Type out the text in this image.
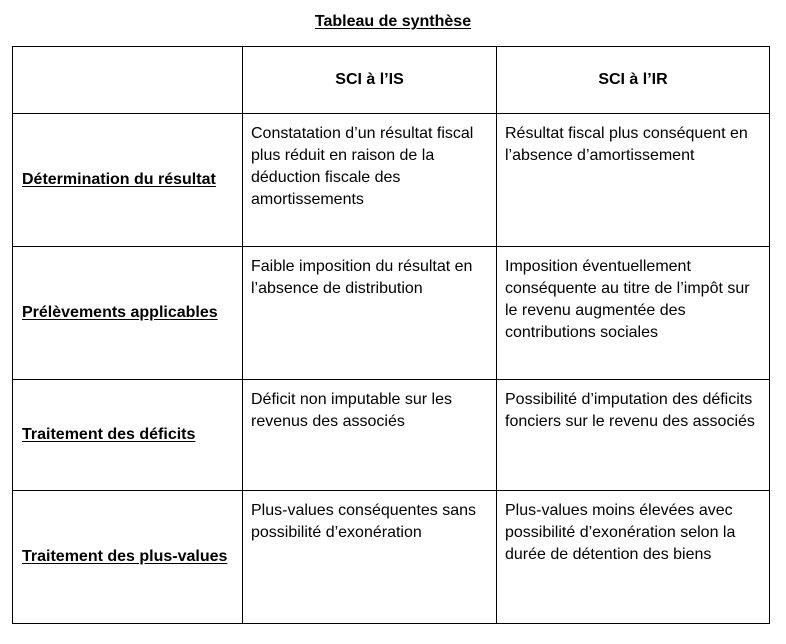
Tableau de synthèse
	SCI à l’IS	SCI à l’IR
Détermination du résultat	Constatation d’un résultat fiscal plus réduit en raison de la déduction fiscale des amortissements	Résultat fiscal plus conséquent en l’absence d’amortissement
Prélèvements applicables	Faible imposition du résultat en l’absence de distribution	Imposition éventuellement conséquente au titre de l’impôt sur le revenu augmentée des contributions sociales
Traitement des déficits	Déficit non imputable sur les revenus des associés	Possibilité d’imputation des déficits fonciers sur le revenu des associés
Traitement des plus-values	Plus-values conséquentes sans possibilité d’exonération	Plus-values moins élevées avec possibilité d’exonération selon la durée de détention des biens
